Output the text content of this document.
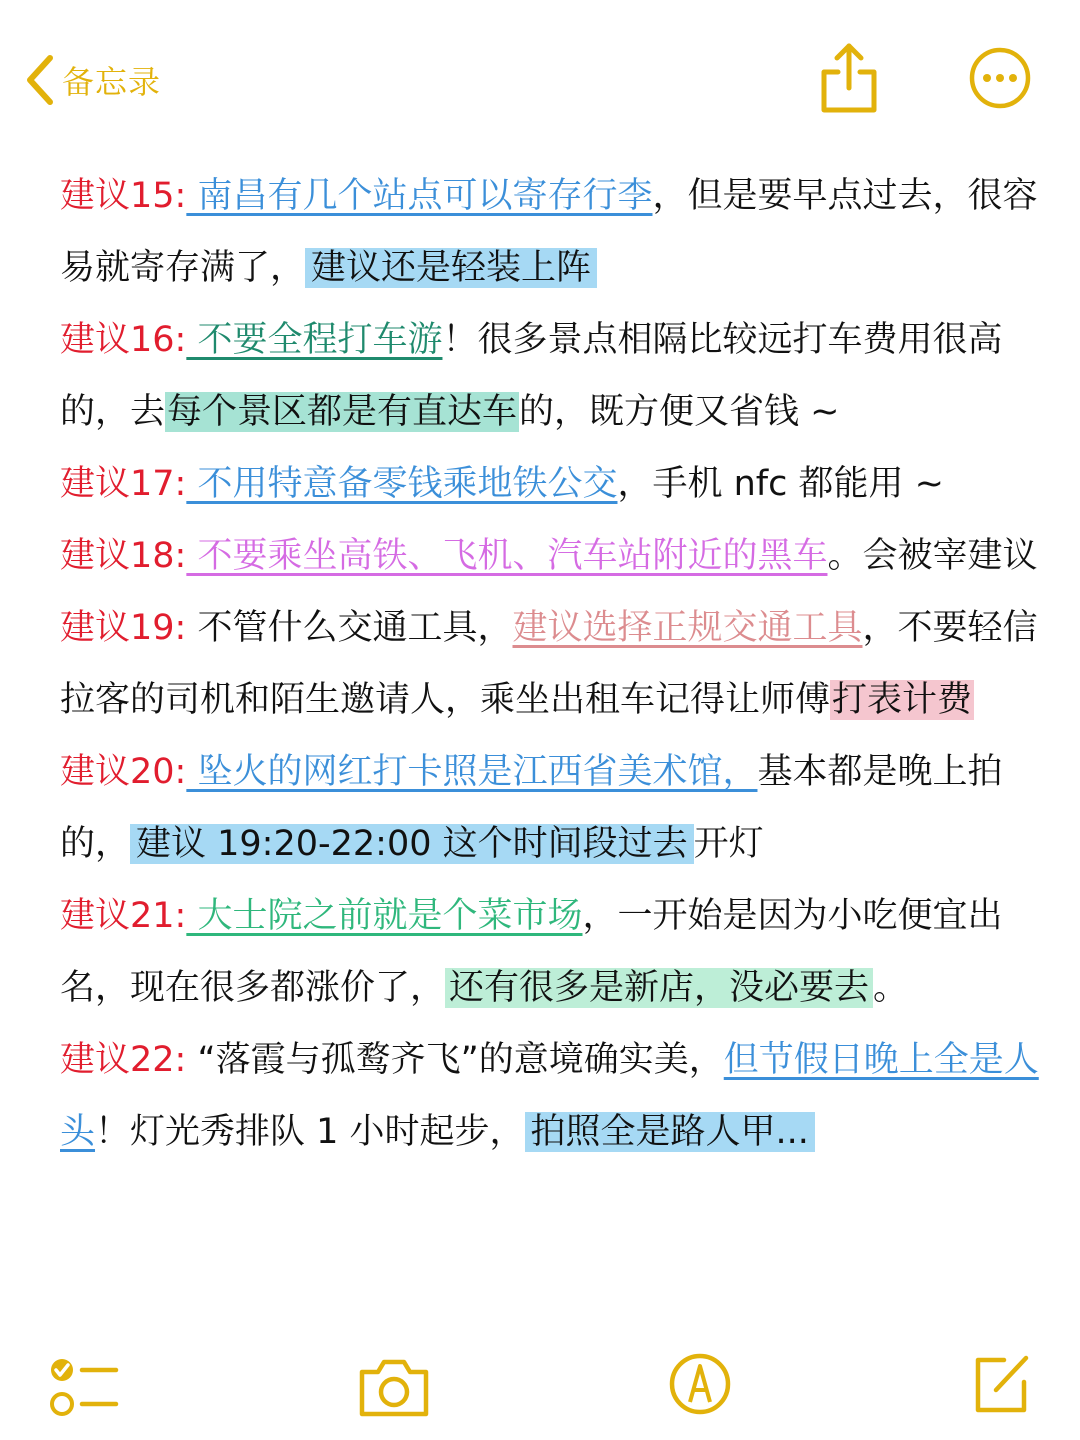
备忘录

建议15: 南昌有几个站点可以寄存行李，但是要早点过去，很容易就寄存满了， 建议还是轻装上阵

建议16: 不要全程打车游！很多景点相隔比较远打车费用很高的，去每个景区都是有直达车的，既方便又省钱 ~

建议17: 不用特意备零钱乘地铁公交，手机 nfc 都能用 ~

建议18: 不要乘坐高铁、飞机、汽车站附近的黑车。会被宰建议

建议19: 不管什么交通工具，建议选择正规交通工具，不要轻信拉客的司机和陌生邀请人，乘坐出租车记得让师傅打表计费

建议20: 坠火的网红打卡照是江西省美术馆，基本都是晚上拍的， 建议 19:20-22:00 这个时间段过去 开灯

建议21: 大士院之前就是个菜市场，一开始是因为小吃便宜出名，现在很多都涨价了， 还有很多是新店，没必要去 。

建议22: “落霞与孤鹜齐飞”的意境确实美，但节假日晚上全是人头！灯光秀排队 1 小时起步， 拍照全是路人甲...
